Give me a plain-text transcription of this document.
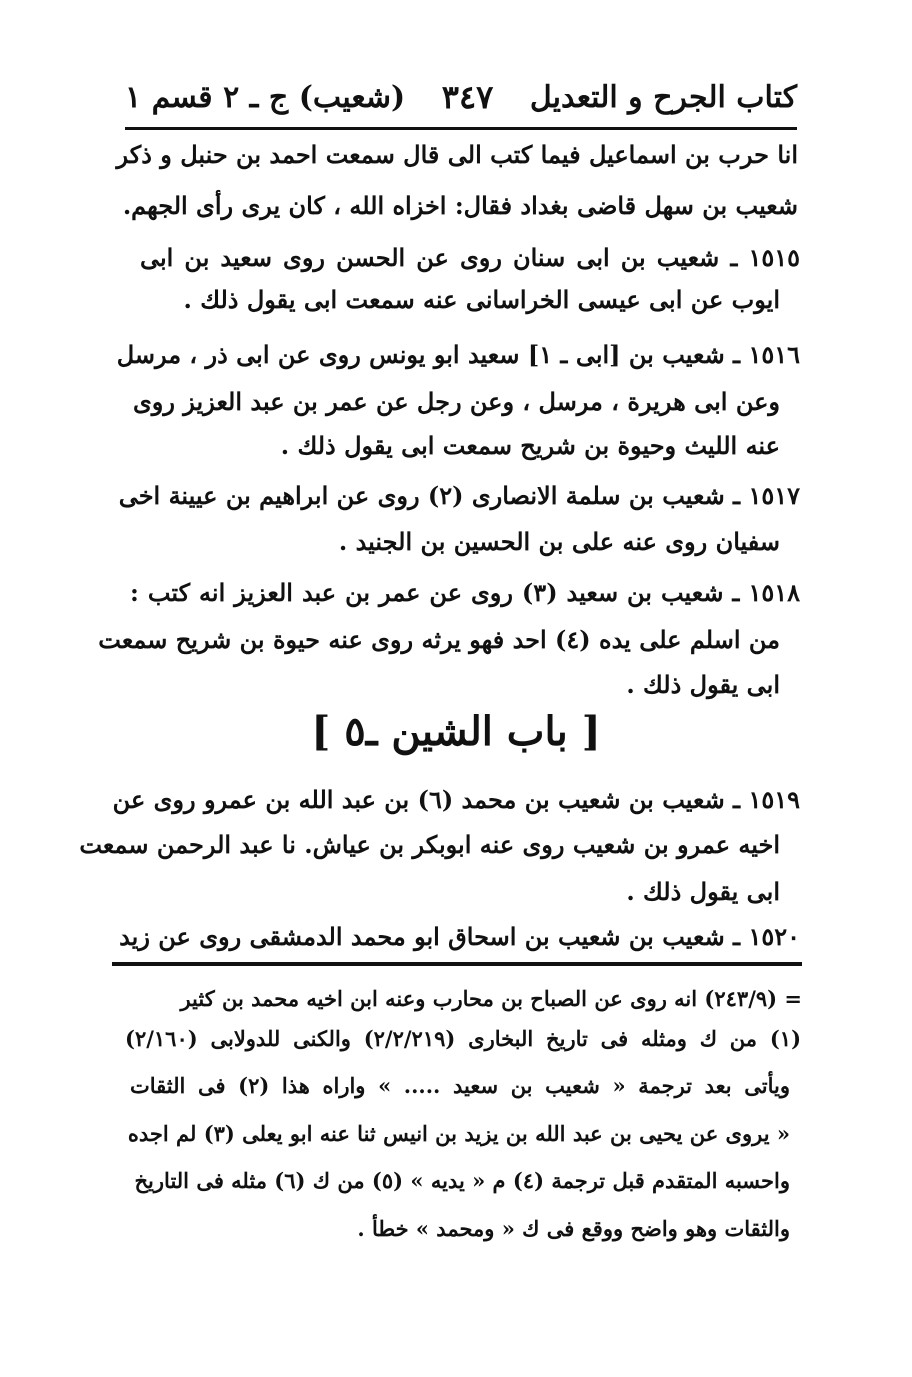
كتاب الجرح و التعديل
٣٤٧
(شعيب) ج ـ ٢ قسم ١
انا حرب بن اسماعيل فيما كتب الى قال سمعت احمد بن حنبل و ذكر
شعيب بن سهل قاضى بغداد فقال: اخزاه الله ، كان يرى رأى الجهم.
١٥١٥ ـ شعيب بن ابى سنان روى عن الحسن روى سعيد بن ابى
ايوب عن ابى عيسى الخراسانى عنه سمعت ابى يقول ذلك .
١٥١٦ ـ شعيب بن [ابى ـ ١] سعيد ابو يونس روى عن ابى ذر ، مرسل
وعن ابى هريرة ، مرسل ، وعن رجل عن عمر بن عبد العزيز روى
عنه الليث وحيوة بن شريح سمعت ابى يقول ذلك .
١٥١٧ ـ شعيب بن سلمة الانصارى (٢) روى عن ابراهيم بن عيينة اخى
سفيان روى عنه على بن الحسين بن الجنيد .
١٥١٨ ـ شعيب بن سعيد (٣) روى عن عمر بن عبد العزيز انه كتب :
من اسلم على يده (٤) احد فهو يرثه روى عنه حيوة بن شريح سمعت
ابى يقول ذلك .
[ باب الشين ـ٥ ]
١٥١٩ ـ شعيب بن شعيب بن محمد (٦) بن عبد الله بن عمرو روى عن
اخيه عمرو بن شعيب روى عنه ابوبكر بن عياش. نا عبد الرحمن سمعت
ابى يقول ذلك .
١٥٢٠ ـ شعيب بن شعيب بن اسحاق ابو محمد الدمشقى روى عن زيد
= (٢٤٣/٩) انه روى عن الصباح بن محارب وعنه ابن اخيه محمد بن كثير
(١) من ك ومثله فى تاريخ البخارى (٢/٢/٢١٩) والكنى للدولابى (٢/١٦٠)
ويأتى بعد ترجمة « شعيب بن سعيد ..... » واراه هذا (٢) فى الثقات
« يروى عن يحيى بن عبد الله بن يزيد بن انيس ثنا عنه ابو يعلى (٣) لم اجده
واحسبه المتقدم قبل ترجمة (٤) م « يديه » (٥) من ك (٦) مثله فى التاريخ
والثقات وهو واضح ووقع فى ك « ومحمد » خطأ .
